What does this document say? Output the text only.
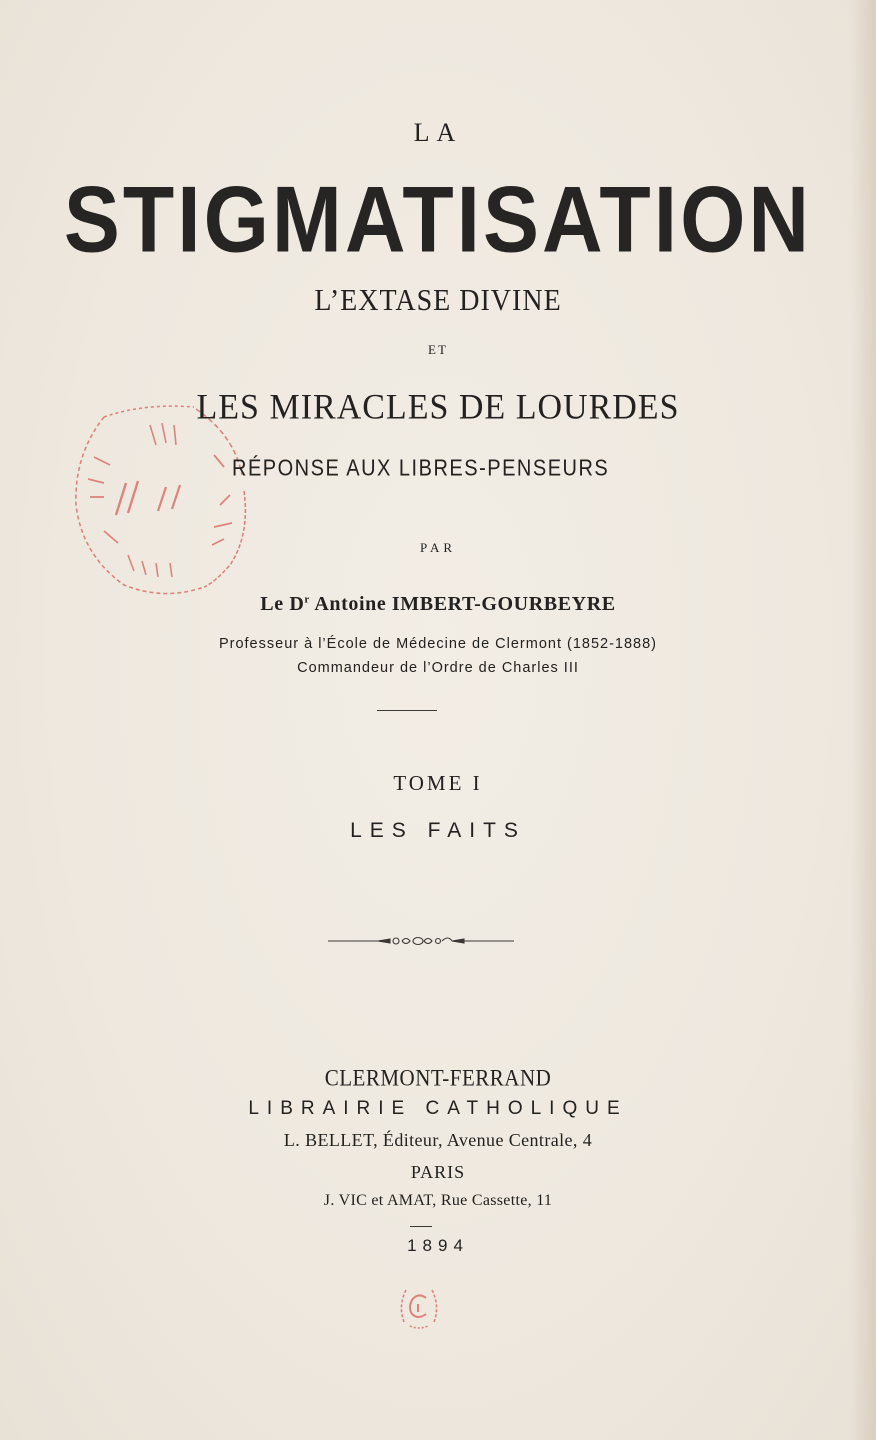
LA
STIGMATISATION
L’EXTASE DIVINE
ET
LES MIRACLES DE LOURDES
RÉPONSE AUX LIBRES-PENSEURS
PAR
Le $D^r$ Antoine IMBERT-GOURBEYRE
Professeur à l’École de Médecine de Clermont (1852-1888)
Commandeur de l’Ordre de Charles III
TOME I
LES FAITS
CLERMONT-FERRAND
LIBRAIRIE CATHOLIQUE
L. BELLET, Éditeur, Avenue Centrale, 4
PARIS
J. VIC et AMAT, Rue Cassette, 11
1894
